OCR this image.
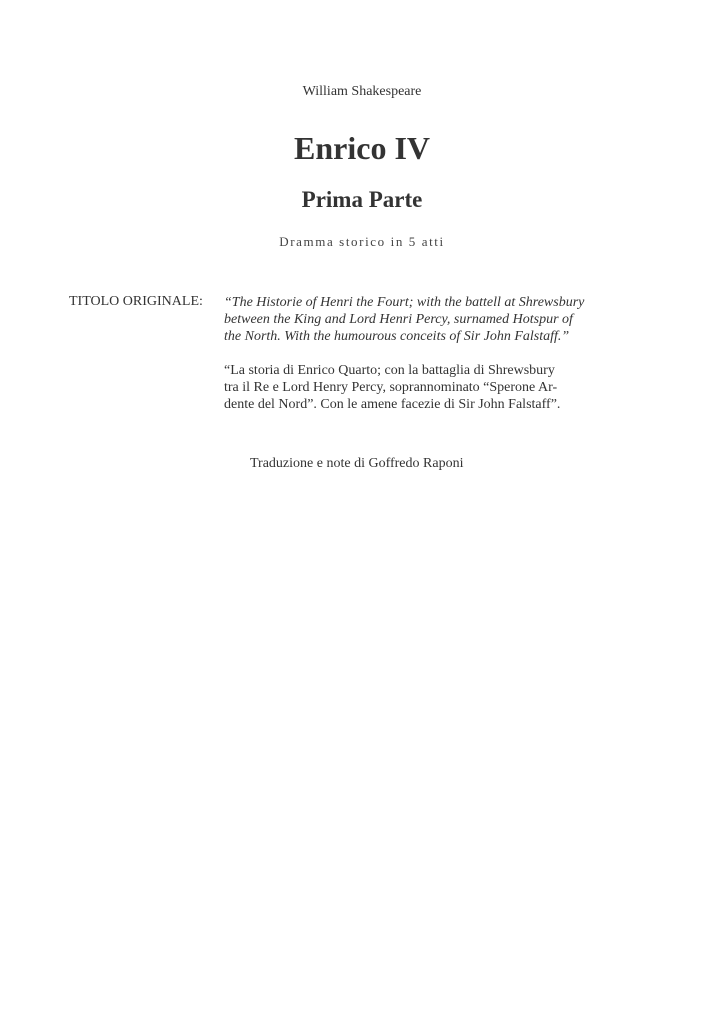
William Shakespeare
Enrico IV
Prima Parte
Dramma storico in 5 atti
TITOLO ORIGINALE: “The Historie of Henri the Fourt; with the battell at Shrewsbury
between the King and Lord Henri Percy, surnamed Hotspur of
the North. With the humourous conceits of Sir John Falstaff.”
“La storia di Enrico Quarto; con la battaglia di Shrewsbury
tra il Re e Lord Henry Percy, soprannominato “Sperone Ar-
dente del Nord”. Con le amene facezie di Sir John Falstaff”.
Traduzione e note di Goffredo Raponi
